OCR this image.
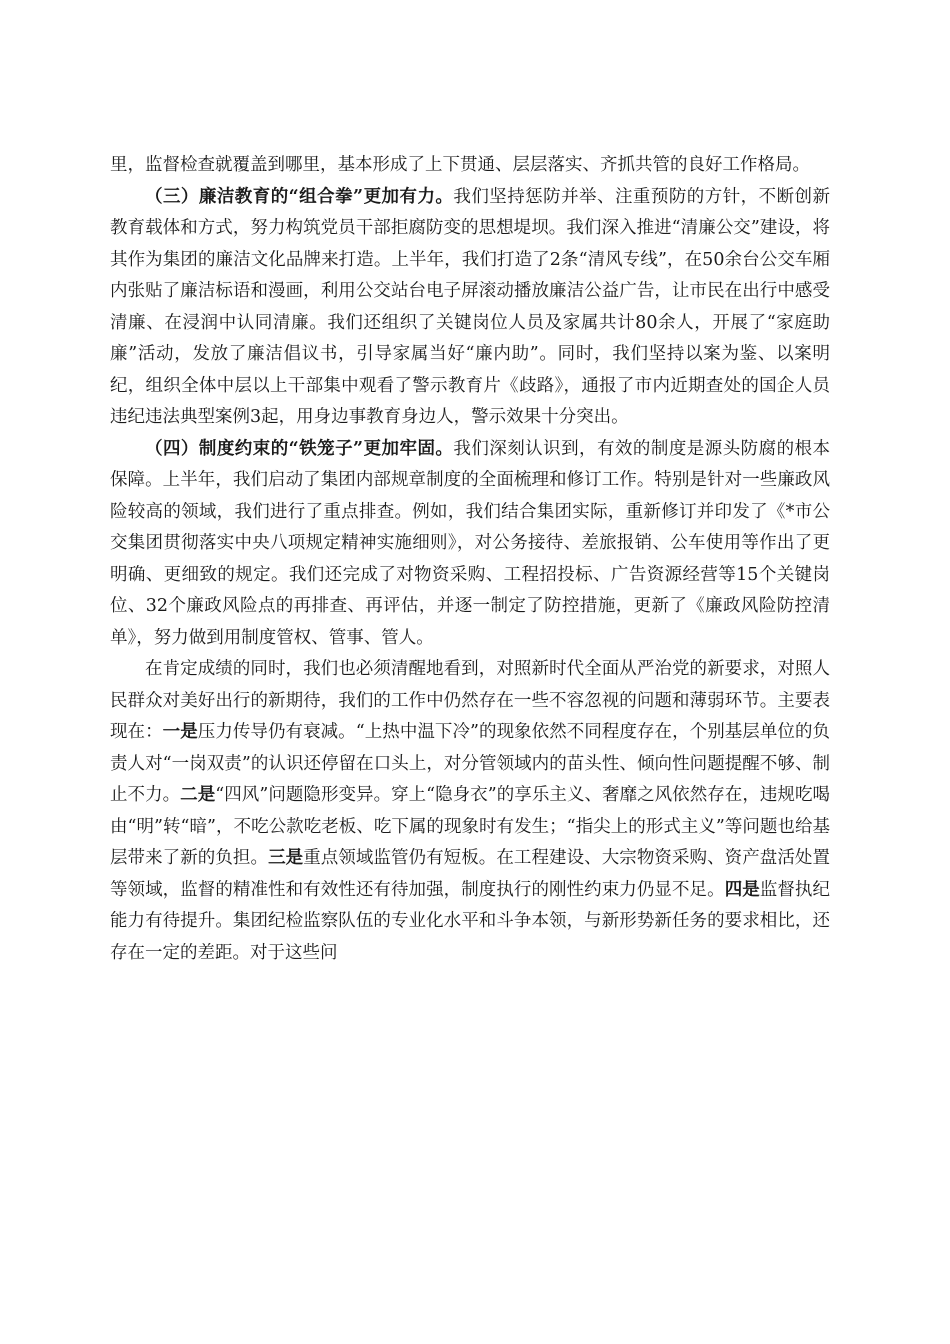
里，监督检查就覆盖到哪里，基本形成了上下贯通、层层落实、齐抓共管的良好工作格局。

（三）廉洁教育的“组合拳”更加有力。我们坚持惩防并举、注重预防的方针，不断创新教育载体和方式，努力构筑党员干部拒腐防变的思想堤坝。我们深入推进“清廉公交”建设，将其作为集团的廉洁文化品牌来打造。上半年，我们打造了2条“清风专线”，在50余台公交车厢内张贴了廉洁标语和漫画，利用公交站台电子屏滚动播放廉洁公益广告，让市民在出行中感受清廉、在浸润中认同清廉。我们还组织了关键岗位人员及家属共计80余人，开展了“家庭助廉”活动，发放了廉洁倡议书，引导家属当好“廉内助”。同时，我们坚持以案为鉴、以案明纪，组织全体中层以上干部集中观看了警示教育片《歧路》，通报了市内近期查处的国企人员违纪违法典型案例3起，用身边事教育身边人，警示效果十分突出。

（四）制度约束的“铁笼子”更加牢固。我们深刻认识到，有效的制度是源头防腐的根本保障。上半年，我们启动了集团内部规章制度的全面梳理和修订工作。特别是针对一些廉政风险较高的领域，我们进行了重点排查。例如，我们结合集团实际，重新修订并印发了《*市公交集团贯彻落实中央八项规定精神实施细则》，对公务接待、差旅报销、公车使用等作出了更明确、更细致的规定。我们还完成了对物资采购、工程招投标、广告资源经营等15个关键岗位、32个廉政风险点的再排查、再评估，并逐一制定了防控措施，更新了《廉政风险防控清单》，努力做到用制度管权、管事、管人。

在肯定成绩的同时，我们也必须清醒地看到，对照新时代全面从严治党的新要求，对照人民群众对美好出行的新期待，我们的工作中仍然存在一些不容忽视的问题和薄弱环节。主要表现在：一是压力传导仍有衰减。“上热中温下冷”的现象依然不同程度存在，个别基层单位的负责人对“一岗双责”的认识还停留在口头上，对分管领域内的苗头性、倾向性问题提醒不够、制止不力。二是“四风”问题隐形变异。穿上“隐身衣”的享乐主义、奢靡之风依然存在，违规吃喝由“明”转“暗”，不吃公款吃老板、吃下属的现象时有发生；“指尖上的形式主义”等问题也给基层带来了新的负担。三是重点领域监管仍有短板。在工程建设、大宗物资采购、资产盘活处置等领域，监督的精准性和有效性还有待加强，制度执行的刚性约束力仍显不足。四是监督执纪能力有待提升。集团纪检监察队伍的专业化水平和斗争本领，与新形势新任务的要求相比，还存在一定的差距。对于这些问
